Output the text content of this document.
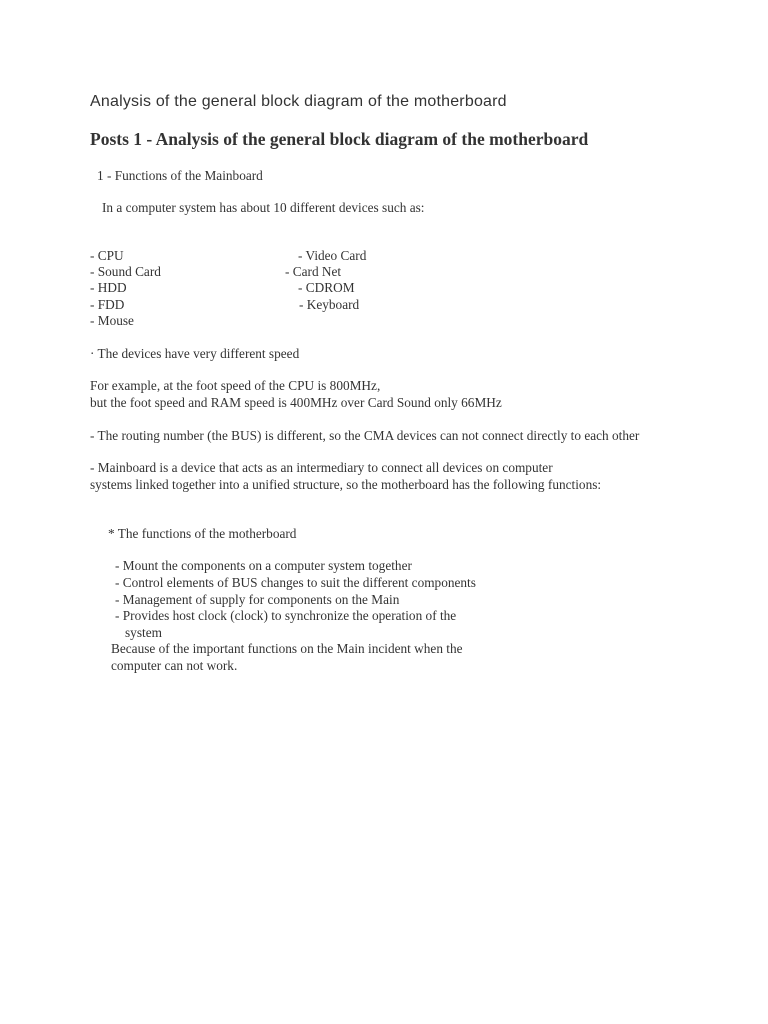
Analysis of the general block diagram of the motherboard
Posts 1 - Analysis of the general block diagram of the motherboard
1 - Functions of the Mainboard
In a computer system has about 10 different devices such as:
- CPU
- Sound Card
- HDD
- FDD
- Mouse
- Video Card
- Card Net
- CDROM
- Keyboard
· The devices have very different speed
For example, at the foot speed of the CPU is 800MHz,
but the foot speed and RAM speed is 400MHz over Card Sound only 66MHz
- The routing number (the BUS) is different, so the CMA devices can not connect directly to each other
- Mainboard is a device that acts as an intermediary to connect all devices on computer
systems linked together into a unified structure, so the motherboard has the following functions:
* The functions of the motherboard
- Mount the components on a computer system together
- Control elements of BUS changes to suit the different components
- Management of supply for components on the Main
- Provides host clock (clock) to synchronize the operation of the
system
Because of the important functions on the Main incident when the
computer can not work.
